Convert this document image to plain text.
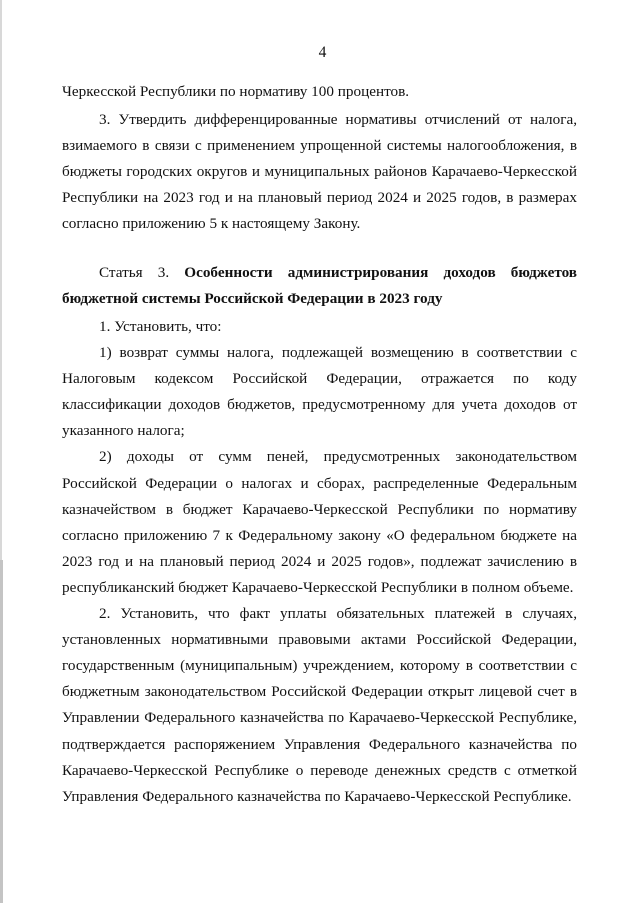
4
Черкесской Республики по нормативу 100 процентов.
3. Утвердить дифференцированные нормативы отчислений от налога,
взимаемого в связи с применением упрощенной системы налогообложения, в
бюджеты городских округов и муниципальных районов Карачаево-Черкесской
Республики на 2023 год и на плановый период 2024 и 2025 годов, в размерах
согласно приложению 5 к настоящему Закону.
Статья 3. Особенности администрирования доходов бюджетов
бюджетной системы Российской Федерации в 2023 году
1. Установить, что:
1) возврат суммы налога, подлежащей возмещению в соответствии с
Налоговым кодексом Российской Федерации, отражается по коду
классификации доходов бюджетов, предусмотренному для учета доходов от
указанного налога;
2) доходы от сумм пеней, предусмотренных законодательством
Российской Федерации о налогах и сборах, распределенные Федеральным
казначейством в бюджет Карачаево-Черкесской Республики по нормативу
согласно приложению 7 к Федеральному закону «О федеральном бюджете на
2023 год и на плановый период 2024 и 2025 годов», подлежат зачислению в
республиканский бюджет Карачаево-Черкесской Республики в полном объеме.
2. Установить, что факт уплаты обязательных платежей в случаях,
установленных нормативными правовыми актами Российской Федерации,
государственным (муниципальным) учреждением, которому в соответствии с
бюджетным законодательством Российской Федерации открыт лицевой счет в
Управлении Федерального казначейства по Карачаево-Черкесской Республике,
подтверждается распоряжением Управления Федерального казначейства по
Карачаево-Черкесской Республике о переводе денежных средств с отметкой
Управления Федерального казначейства по Карачаево-Черкесской Республике.
